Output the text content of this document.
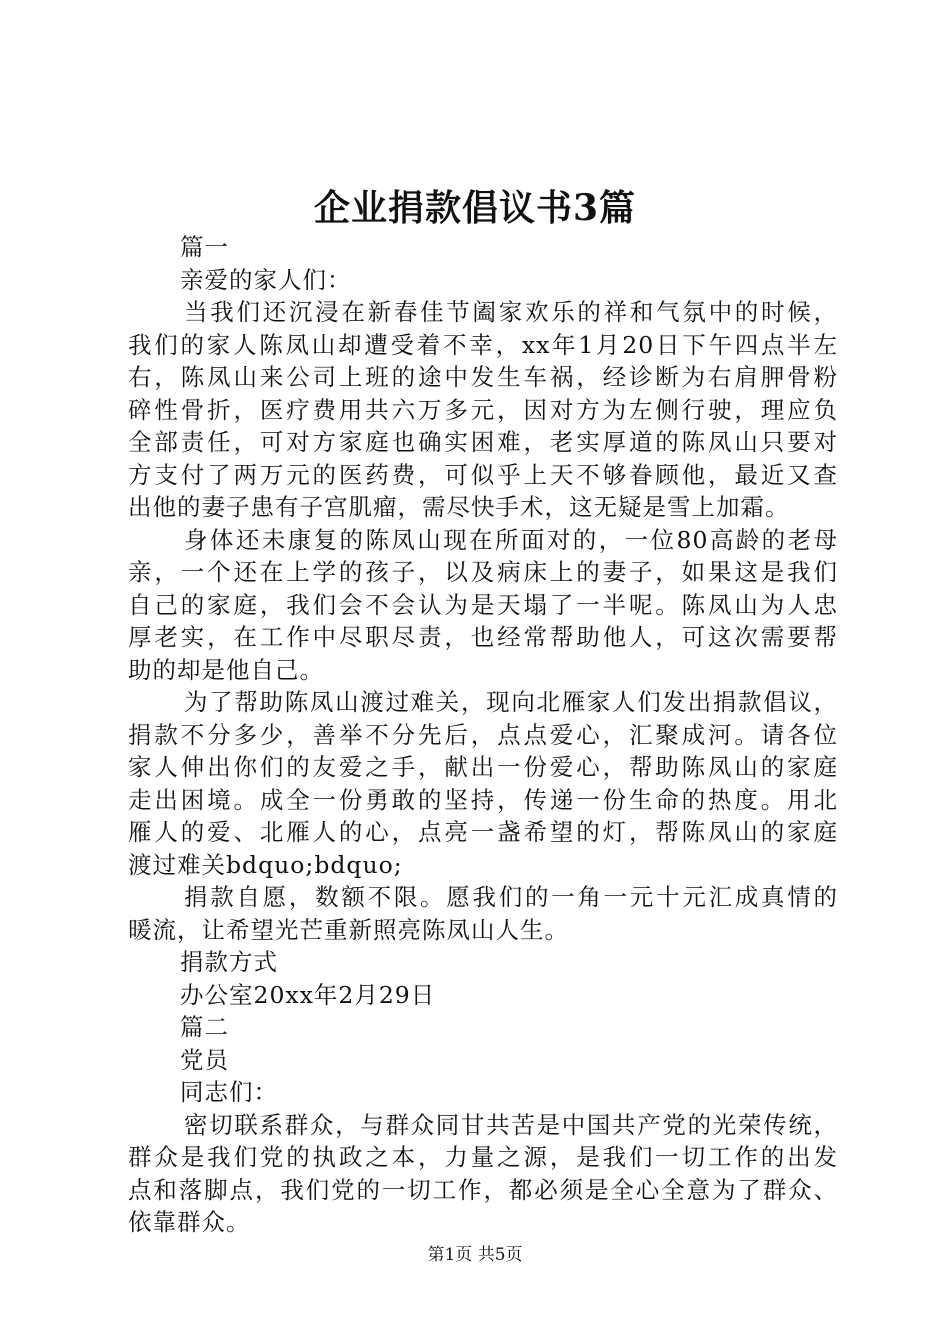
企业捐款倡议书3篇
篇一
亲爱的家人们：
当我们还沉浸在新春佳节阖家欢乐的祥和气氛中的时候，
我们的家人陈凤山却遭受着不幸，xx年1月20日下午四点半左
右，陈凤山来公司上班的途中发生车祸，经诊断为右肩胛骨粉
碎性骨折，医疗费用共六万多元，因对方为左侧行驶，理应负
全部责任，可对方家庭也确实困难，老实厚道的陈凤山只要对
方支付了两万元的医药费，可似乎上天不够眷顾他，最近又查
出他的妻子患有子宫肌瘤，需尽快手术，这无疑是雪上加霜。
身体还未康复的陈凤山现在所面对的，一位80高龄的老母
亲，一个还在上学的孩子，以及病床上的妻子，如果这是我们
自己的家庭，我们会不会认为是天塌了一半呢。陈凤山为人忠
厚老实，在工作中尽职尽责，也经常帮助他人，可这次需要帮
助的却是他自己。
为了帮助陈凤山渡过难关，现向北雁家人们发出捐款倡议，
捐款不分多少，善举不分先后，点点爱心，汇聚成河。请各位
家人伸出你们的友爱之手，献出一份爱心，帮助陈凤山的家庭
走出困境。成全一份勇敢的坚持，传递一份生命的热度。用北
雁人的爱、北雁人的心，点亮一盏希望的灯，帮陈凤山的家庭
渡过难关bdquo;bdquo;
捐款自愿，数额不限。愿我们的一角一元十元汇成真情的
暖流，让希望光芒重新照亮陈凤山人生。
捐款方式
办公室20xx年2月29日
篇二
党员
同志们：
密切联系群众，与群众同甘共苦是中国共产党的光荣传统，
群众是我们党的执政之本，力量之源，是我们一切工作的出发
点和落脚点，我们党的一切工作，都必须是全心全意为了群众、
依靠群众。
第1页 共5页
